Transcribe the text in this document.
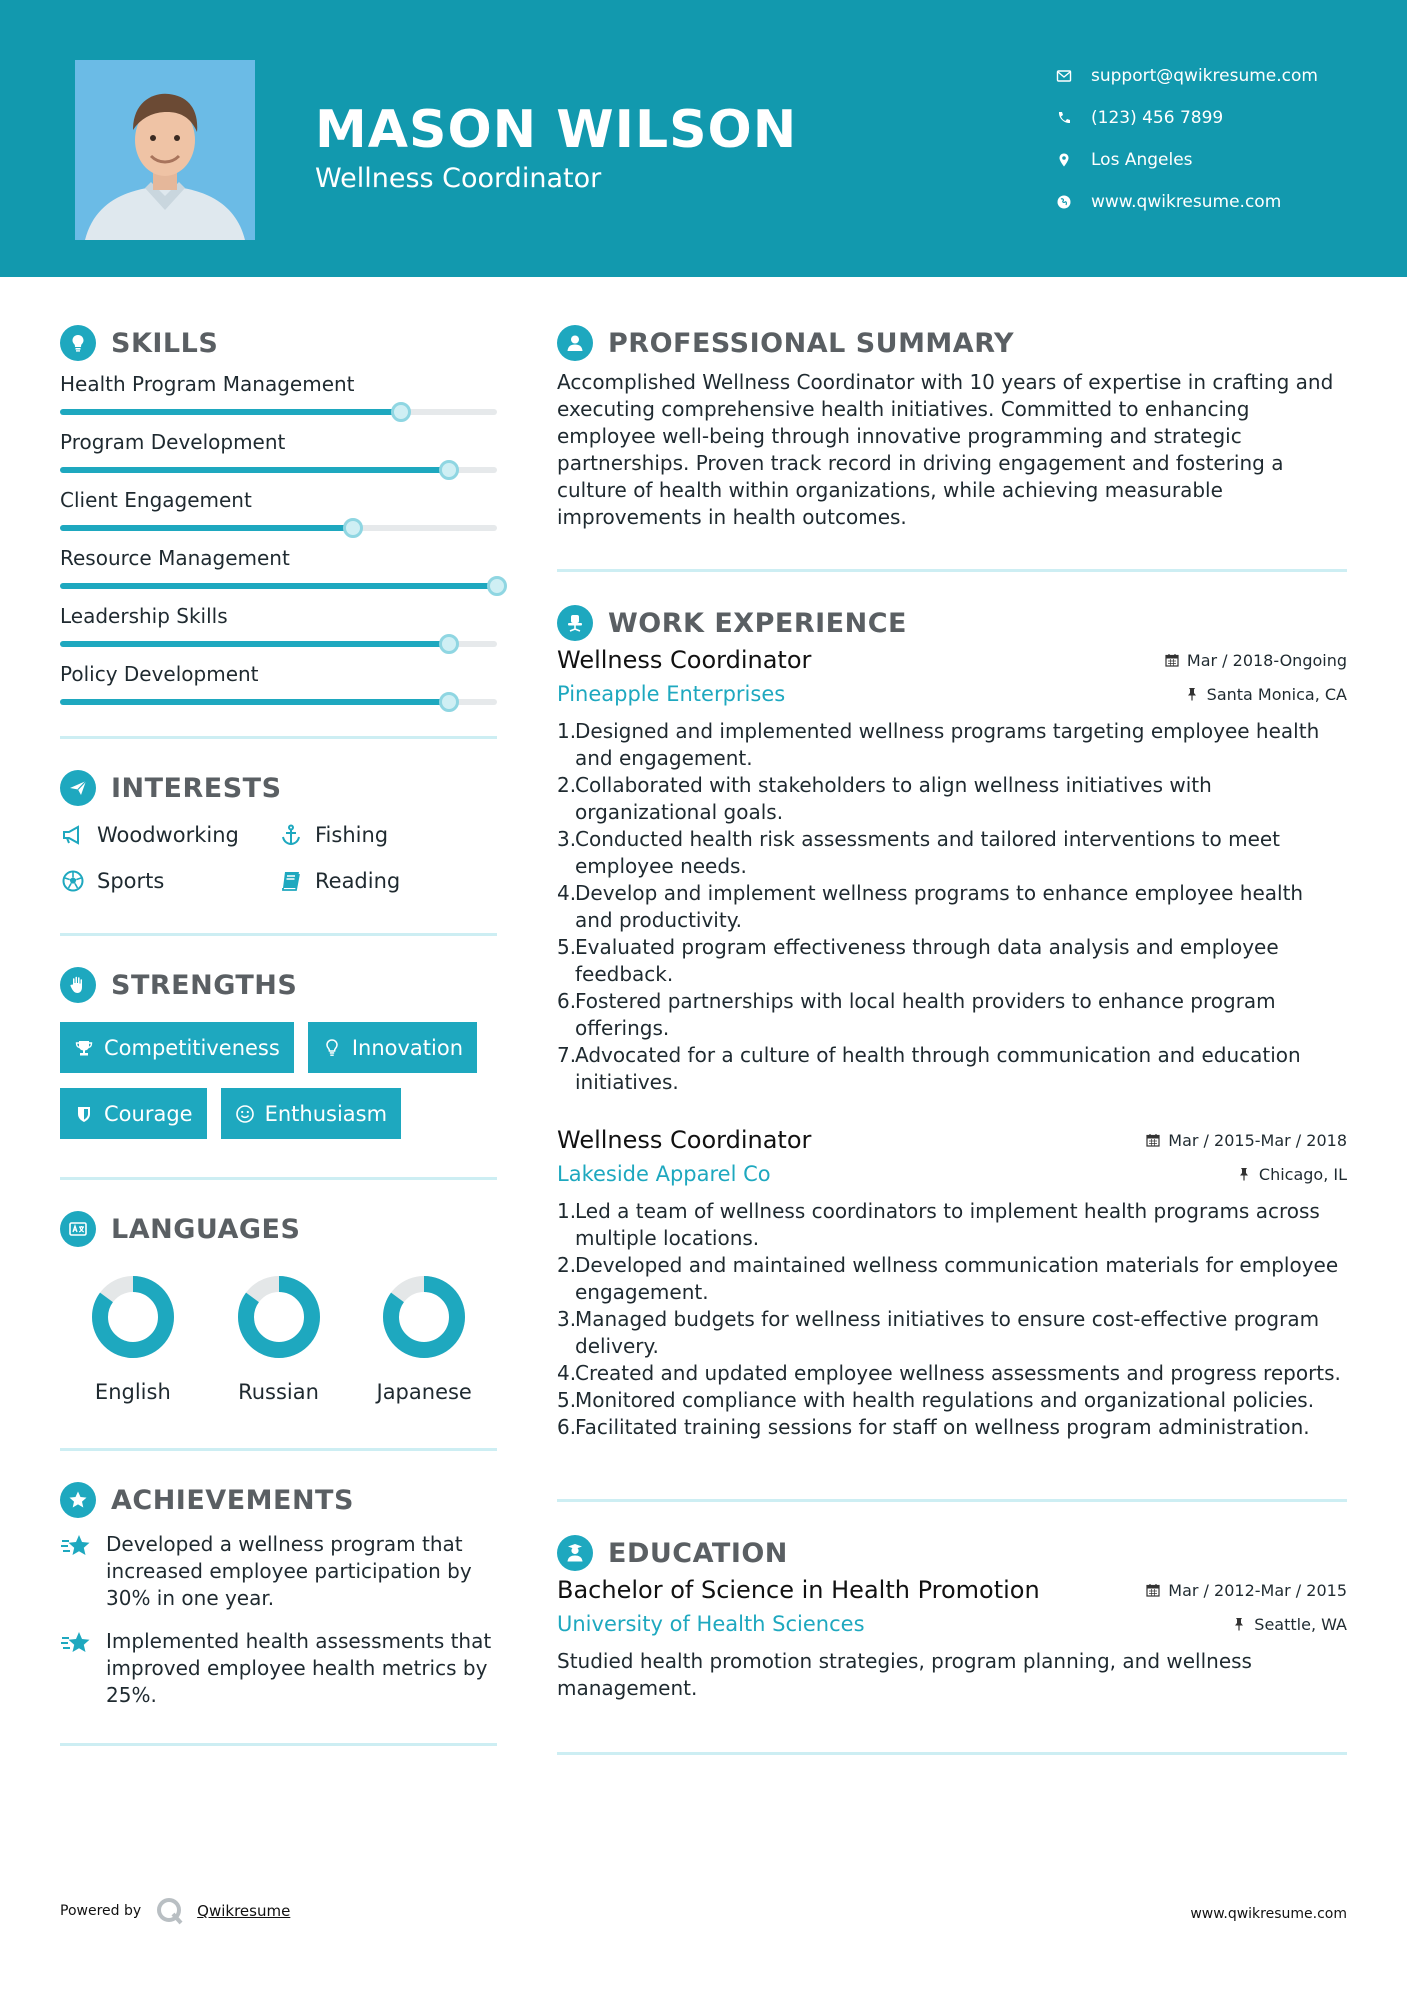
MASON WILSON
Wellness Coordinator
support@qwikresume.com
(123) 456 7899
Los Angeles
www.qwikresume.com
SKILLS
Health Program Management
Program Development
Client Engagement
Resource Management
Leadership Skills
Policy Development
INTERESTS
Woodworking	Fishing
Sports	Reading
STRENGTHS
Competitiveness	Innovation
Courage	Enthusiasm
LANGUAGES
English	Russian	Japanese
ACHIEVEMENTS
Developed a wellness program that increased employee participation by 30% in one year.
Implemented health assessments that improved employee health metrics by 25%.
PROFESSIONAL SUMMARY

Accomplished Wellness Coordinator with 10 years of expertise in crafting and executing comprehensive health initiatives. Committed to enhancing employee well-being through innovative programming and strategic partnerships. Proven track record in driving engagement and fostering a culture of health within organizations, while achieving measurable improvements in health outcomes.

WORK EXPERIENCE
Wellness Coordinator	Mar / 2018-Ongoing
Pineapple Enterprises	Santa Monica, CA
1.
Designed and implemented wellness programs targeting employee health and engagement.
2.
Collaborated with stakeholders to align wellness initiatives with organizational goals.
3.
Conducted health risk assessments and tailored interventions to meet employee needs.
4.
Develop and implement wellness programs to enhance employee health and productivity.
5.
Evaluated program effectiveness through data analysis and employee feedback.
6.
Fostered partnerships with local health providers to enhance program offerings.
7.
Advocated for a culture of health through communication and education initiatives.
Wellness Coordinator	Mar / 2015-Mar / 2018
Lakeside Apparel Co	Chicago, IL
1.
Led a team of wellness coordinators to implement health programs across multiple locations.
2.
Developed and maintained wellness communication materials for employee engagement.
3.
Managed budgets for wellness initiatives to ensure cost-effective program delivery.
4.
Created and updated employee wellness assessments and progress reports.
5.
Monitored compliance with health regulations and organizational policies.
6.
Facilitated training sessions for staff on wellness program administration.
EDUCATION
Bachelor of Science in Health Promotion	Mar / 2012-Mar / 2015
University of Health Sciences	Seattle, WA

Studied health promotion strategies, program planning, and wellness management.

Powered by	Qwikresume	www.qwikresume.com
